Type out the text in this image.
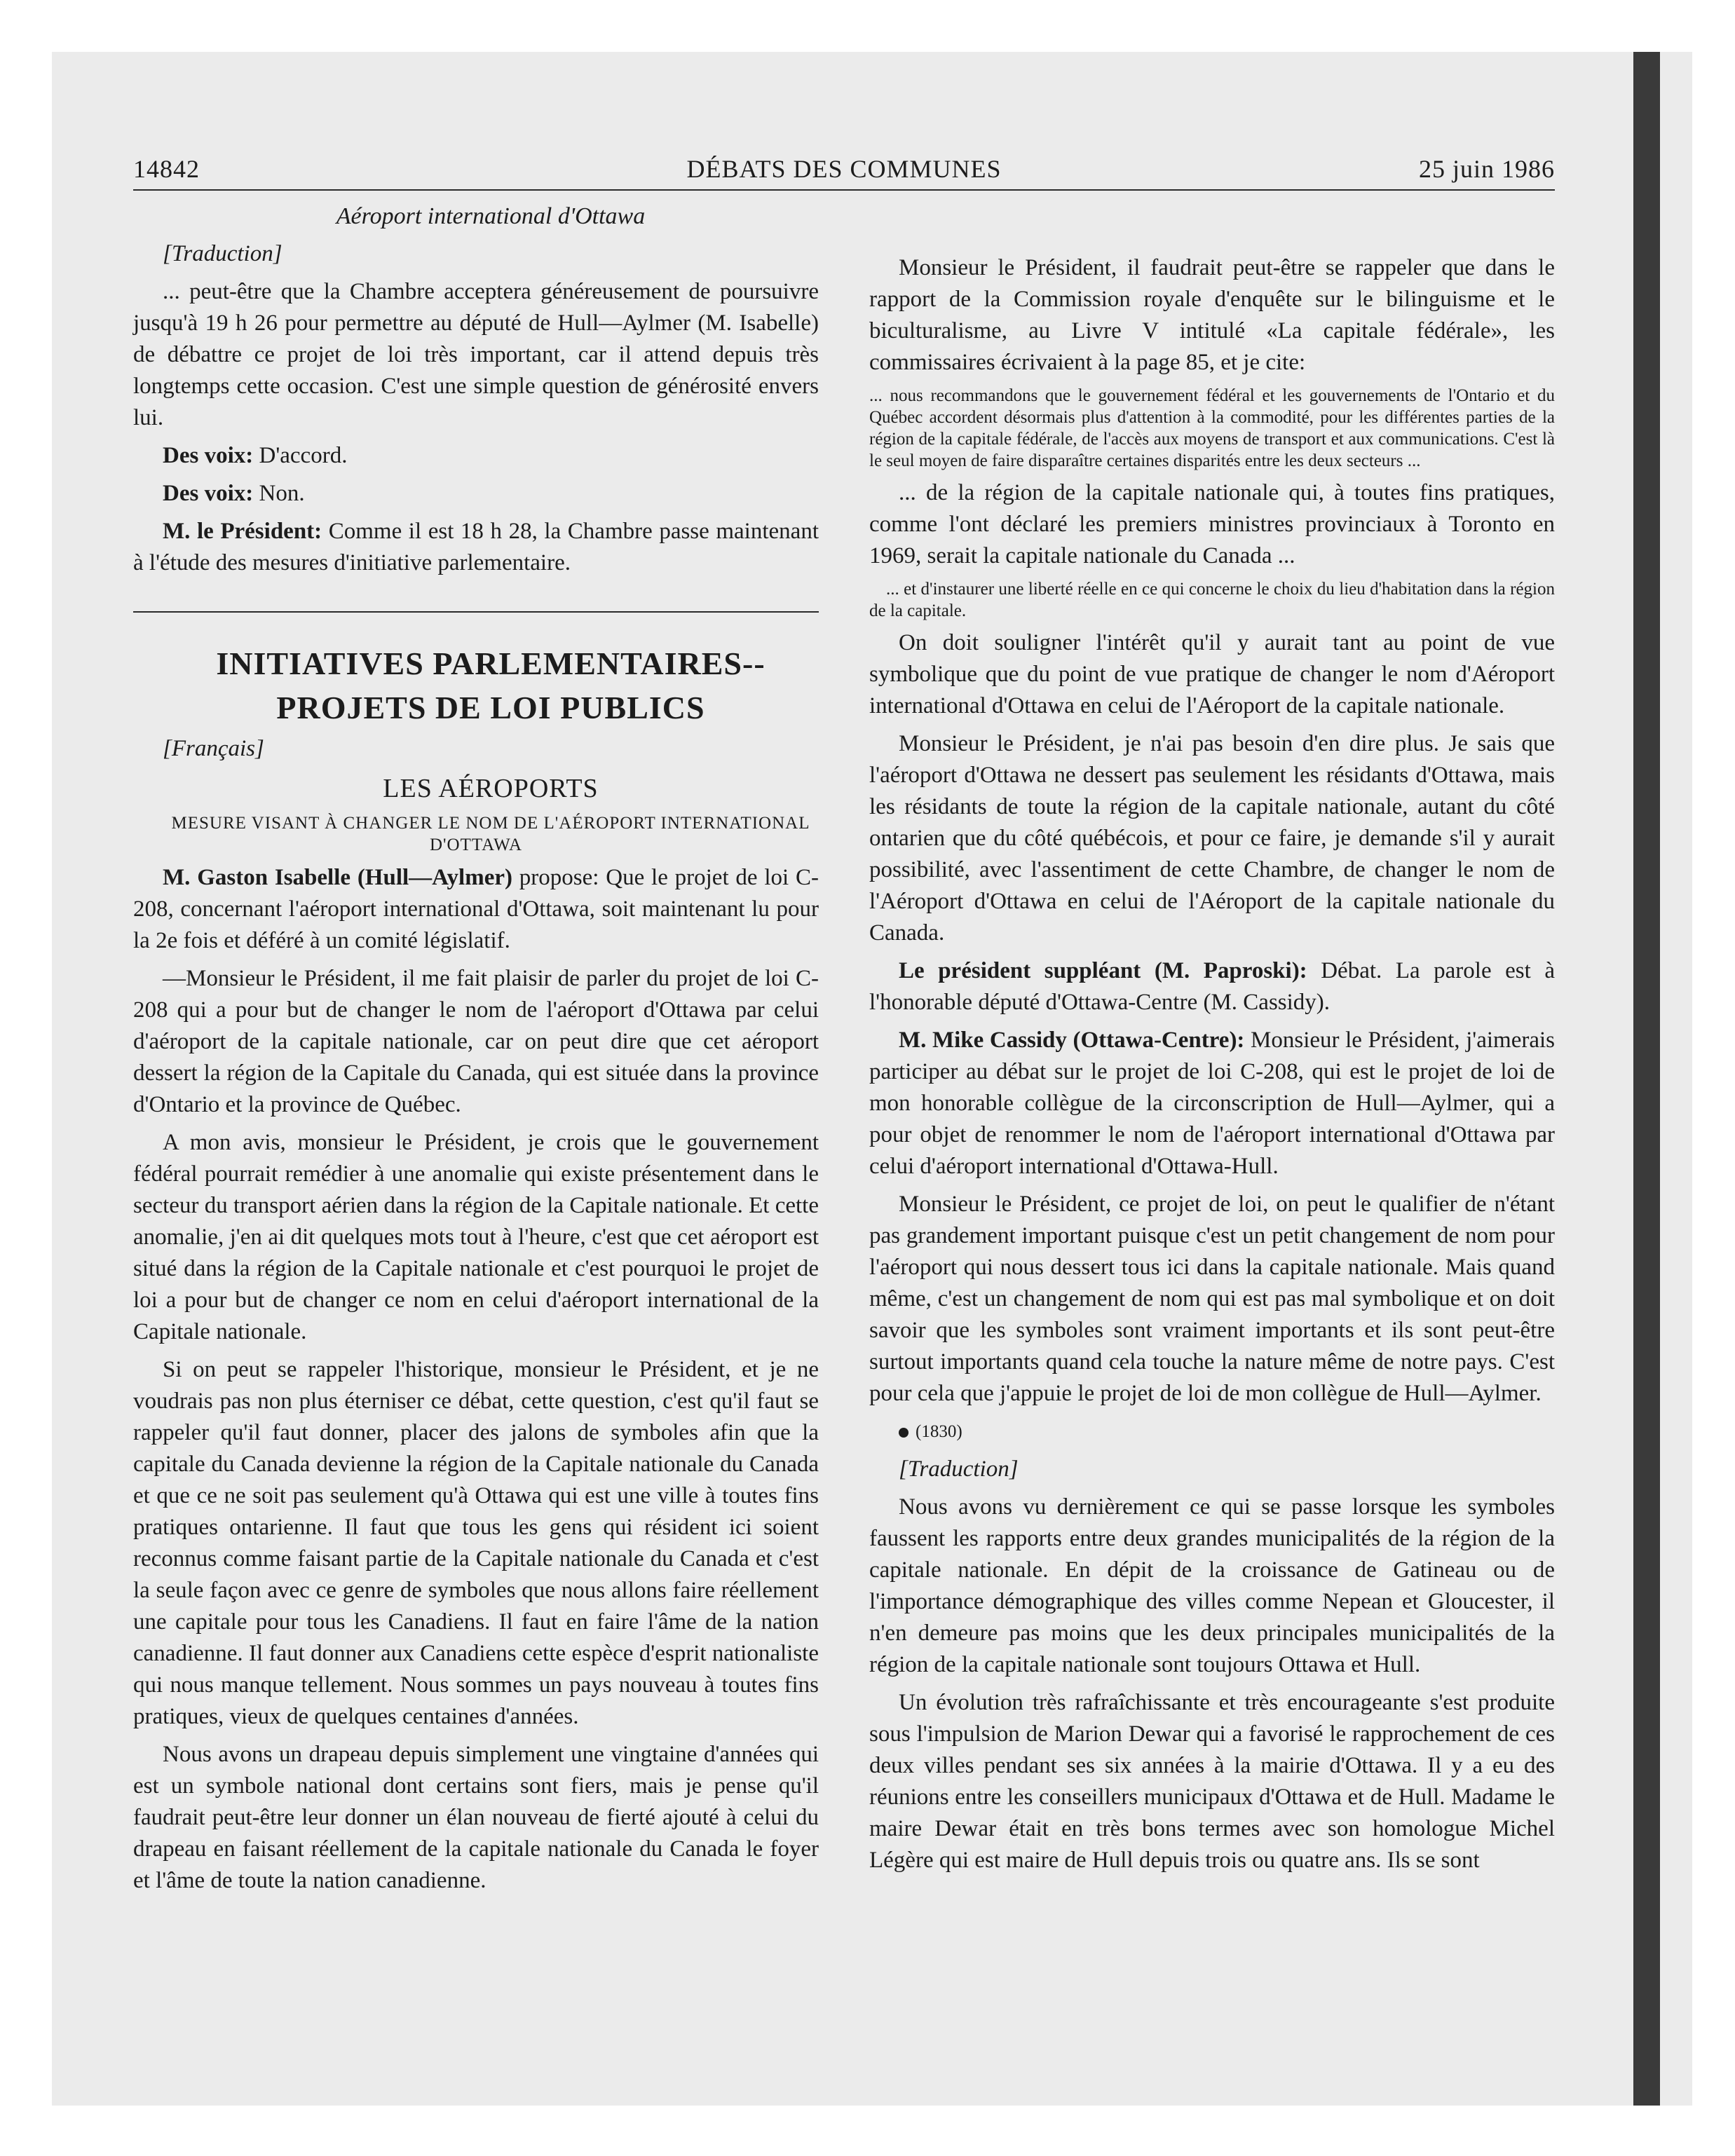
14842	DÉBATS DES COMMUNES	25 juin 1986

Aéroport international d'Ottawa

[Traduction]

... peut-être que la Chambre acceptera généreusement de poursuivre jusqu'à 19 h 26 pour permettre au député de Hull—Aylmer (M. Isabelle) de débattre ce projet de loi très important, car il attend depuis très longtemps cette occasion. C'est une simple question de générosité envers lui.

Des voix: D'accord.

Des voix: Non.

M. le Président: Comme il est 18 h 28, la Chambre passe maintenant à l'étude des mesures d'initiative parlementaire.

INITIATIVES PARLEMENTAIRES--

PROJETS DE LOI PUBLICS

[Français]

LES AÉROPORTS

MESURE VISANT À CHANGER LE NOM DE L'AÉROPORT INTERNATIONAL D'OTTAWA

M. Gaston Isabelle (Hull—Aylmer) propose: Que le projet de loi C-208, concernant l'aéroport international d'Ottawa, soit maintenant lu pour la 2e fois et déféré à un comité législatif.

—Monsieur le Président, il me fait plaisir de parler du projet de loi C-208 qui a pour but de changer le nom de l'aéroport d'Ottawa par celui d'aéroport de la capitale nationale, car on peut dire que cet aéroport dessert la région de la Capitale du Canada, qui est située dans la province d'Ontario et la province de Québec.

A mon avis, monsieur le Président, je crois que le gouvernement fédéral pourrait remédier à une anomalie qui existe présentement dans le secteur du transport aérien dans la région de la Capitale nationale. Et cette anomalie, j'en ai dit quelques mots tout à l'heure, c'est que cet aéroport est situé dans la région de la Capitale nationale et c'est pourquoi le projet de loi a pour but de changer ce nom en celui d'aéroport international de la Capitale nationale.

Si on peut se rappeler l'historique, monsieur le Président, et je ne voudrais pas non plus éterniser ce débat, cette question, c'est qu'il faut se rappeler qu'il faut donner, placer des jalons de symboles afin que la capitale du Canada devienne la région de la Capitale nationale du Canada et que ce ne soit pas seulement qu'à Ottawa qui est une ville à toutes fins pratiques ontarienne. Il faut que tous les gens qui résident ici soient reconnus comme faisant partie de la Capitale nationale du Canada et c'est la seule façon avec ce genre de symboles que nous allons faire réellement une capitale pour tous les Canadiens. Il faut en faire l'âme de la nation canadienne. Il faut donner aux Canadiens cette espèce d'esprit nationaliste qui nous manque tellement. Nous sommes un pays nouveau à toutes fins pratiques, vieux de quelques centaines d'années.

Nous avons un drapeau depuis simplement une vingtaine d'années qui est un symbole national dont certains sont fiers, mais je pense qu'il faudrait peut-être leur donner un élan nouveau de fierté ajouté à celui du drapeau en faisant réellement de la capitale nationale du Canada le foyer et l'âme de toute la nation canadienne.

Monsieur le Président, il faudrait peut-être se rappeler que dans le rapport de la Commission royale d'enquête sur le bilinguisme et le biculturalisme, au Livre V intitulé «La capitale fédérale», les commissaires écrivaient à la page 85, et je cite:

... nous recommandons que le gouvernement fédéral et les gouvernements de l'Ontario et du Québec accordent désormais plus d'attention à la commodité, pour les différentes parties de la région de la capitale fédérale, de l'accès aux moyens de transport et aux communications. C'est là le seul moyen de faire disparaître certaines disparités entre les deux secteurs ...

... de la région de la capitale nationale qui, à toutes fins pratiques, comme l'ont déclaré les premiers ministres provinciaux à Toronto en 1969, serait la capitale nationale du Canada ...

... et d'instaurer une liberté réelle en ce qui concerne le choix du lieu d'habitation dans la région de la capitale.

On doit souligner l'intérêt qu'il y aurait tant au point de vue symbolique que du point de vue pratique de changer le nom d'Aéroport international d'Ottawa en celui de l'Aéroport de la capitale nationale.

Monsieur le Président, je n'ai pas besoin d'en dire plus. Je sais que l'aéroport d'Ottawa ne dessert pas seulement les résidants d'Ottawa, mais les résidants de toute la région de la capitale nationale, autant du côté ontarien que du côté québécois, et pour ce faire, je demande s'il y aurait possibilité, avec l'assentiment de cette Chambre, de changer le nom de l'Aéroport d'Ottawa en celui de l'Aéroport de la capitale nationale du Canada.

Le président suppléant (M. Paproski): Débat. La parole est à l'honorable député d'Ottawa-Centre (M. Cassidy).

M. Mike Cassidy (Ottawa-Centre): Monsieur le Président, j'aimerais participer au débat sur le projet de loi C-208, qui est le projet de loi de mon honorable collègue de la circonscription de Hull—Aylmer, qui a pour objet de renommer le nom de l'aéroport international d'Ottawa par celui d'aéroport international d'Ottawa-Hull.

Monsieur le Président, ce projet de loi, on peut le qualifier de n'étant pas grandement important puisque c'est un petit changement de nom pour l'aéroport qui nous dessert tous ici dans la capitale nationale. Mais quand même, c'est un changement de nom qui est pas mal symbolique et on doit savoir que les symboles sont vraiment importants et ils sont peut-être surtout importants quand cela touche la nature même de notre pays. C'est pour cela que j'appuie le projet de loi de mon collègue de Hull—Aylmer.

(1830)

[Traduction]

Nous avons vu dernièrement ce qui se passe lorsque les symboles faussent les rapports entre deux grandes municipalités de la région de la capitale nationale. En dépit de la croissance de Gatineau ou de l'importance démographique des villes comme Nepean et Gloucester, il n'en demeure pas moins que les deux principales municipalités de la région de la capitale nationale sont toujours Ottawa et Hull.

Un évolution très rafraîchissante et très encourageante s'est produite sous l'impulsion de Marion Dewar qui a favorisé le rapprochement de ces deux villes pendant ses six années à la mairie d'Ottawa. Il y a eu des réunions entre les conseillers municipaux d'Ottawa et de Hull. Madame le maire Dewar était en très bons termes avec son homologue Michel Légère qui est maire de Hull depuis trois ou quatre ans. Ils se sont
